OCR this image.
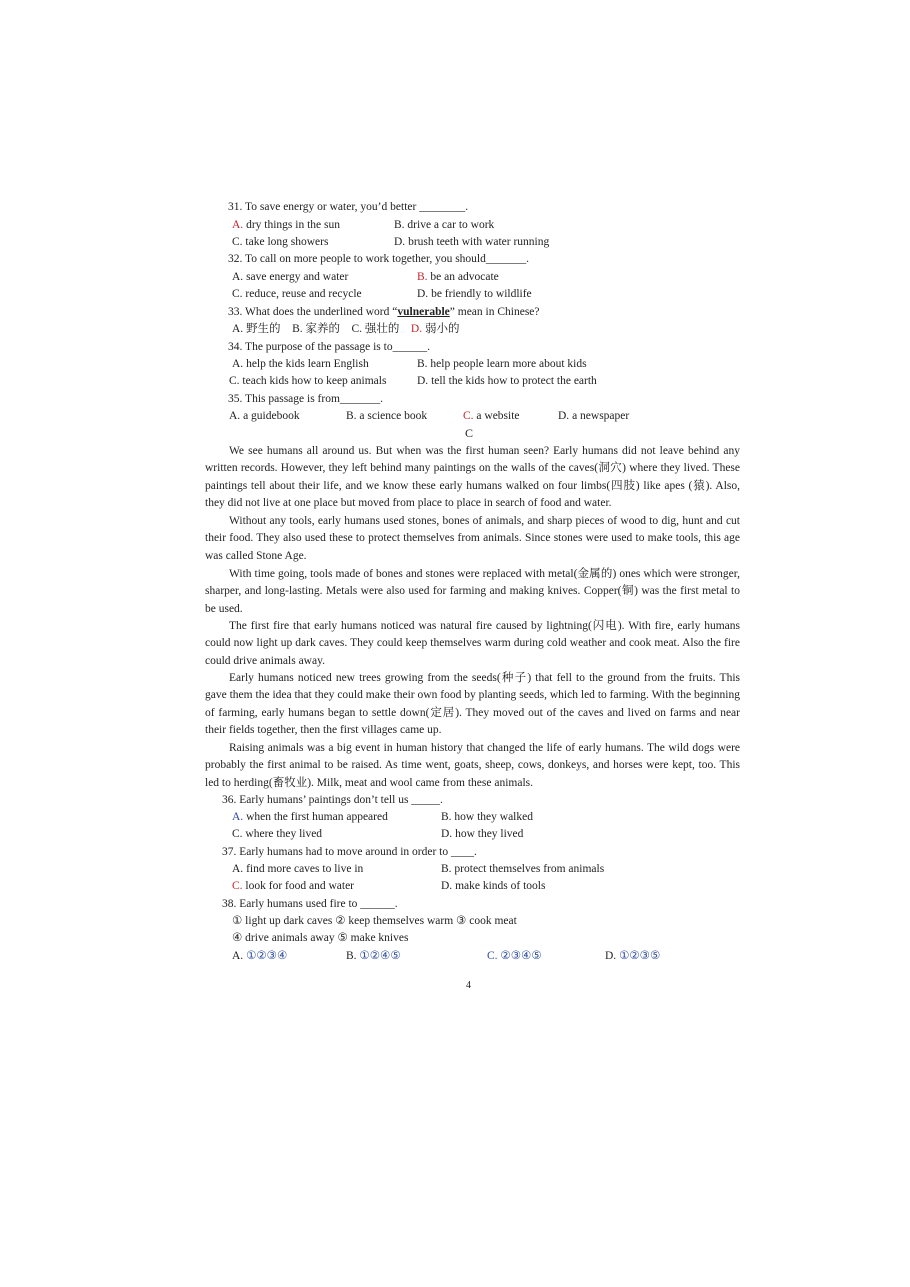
31. To save energy or water, you’d better ________.
A. dry things in the sun	B. drive a car to work
C. take long showers	D. brush teeth with water running
32. To call on more people to work together, you should_______.
A. save energy and water	B. be an advocate
C. reduce, reuse and recycle	D. be friendly to wildlife
33. What does the underlined word “vulnerable” mean in Chinese?
A. 野生的 B. 家养的 C. 强壮的 D. 弱小的
34. The purpose of the passage is to______.
A. help the kids learn English	B. help people learn more about kids
C. teach kids how to keep animals	D. tell the kids how to protect the earth
35. This passage is from_______.
A. a guidebook	B. a science book	C. a website	D. a newspaper
C

We see humans all around us. But when was the first human seen? Early humans did not leave behind any written records. However, they left behind many paintings on the walls of the caves(洞穴) where they lived. These paintings tell about their life, and we know these early humans walked on four limbs(四肢) like apes (猿). Also, they did not live at one place but moved from place to place in search of food and water.

Without any tools, early humans used stones, bones of animals, and sharp pieces of wood to dig, hunt and cut their food. They also used these to protect themselves from animals. Since stones were used to make tools, this age was called Stone Age.

With time going, tools made of bones and stones were replaced with metal(金属的) ones which were stronger, sharper, and long-lasting. Metals were also used for farming and making knives. Copper(铜) was the first metal to be used.

The first fire that early humans noticed was natural fire caused by lightning(闪电). With fire, early humans could now light up dark caves. They could keep themselves warm during cold weather and cook meat. Also the fire could drive animals away.

Early humans noticed new trees growing from the seeds(种子) that fell to the ground from the fruits. This gave them the idea that they could make their own food by planting seeds, which led to farming. With the beginning of farming, early humans began to settle down(定居). They moved out of the caves and lived on farms and near their fields together, then the first villages came up.

Raising animals was a big event in human history that changed the life of early humans. The wild dogs were probably the first animal to be raised. As time went, goats, sheep, cows, donkeys, and horses were kept, too. This led to herding(畜牧业). Milk, meat and wool came from these animals.

36. Early humans’ paintings don’t tell us _____.
A. when the first human appeared	B. how they walked
C. where they lived	D. how they lived
37. Early humans had to move around in order to ____.
A. find more caves to live in	B. protect themselves from animals
C. look for food and water	D. make kinds of tools
38. Early humans used fire to ______.
① light up dark caves ② keep themselves warm ③ cook meat
④ drive animals away ⑤ make knives
A. ①②③④	B. ①②④⑤	C. ②③④⑤	D. ①②③⑤
4
